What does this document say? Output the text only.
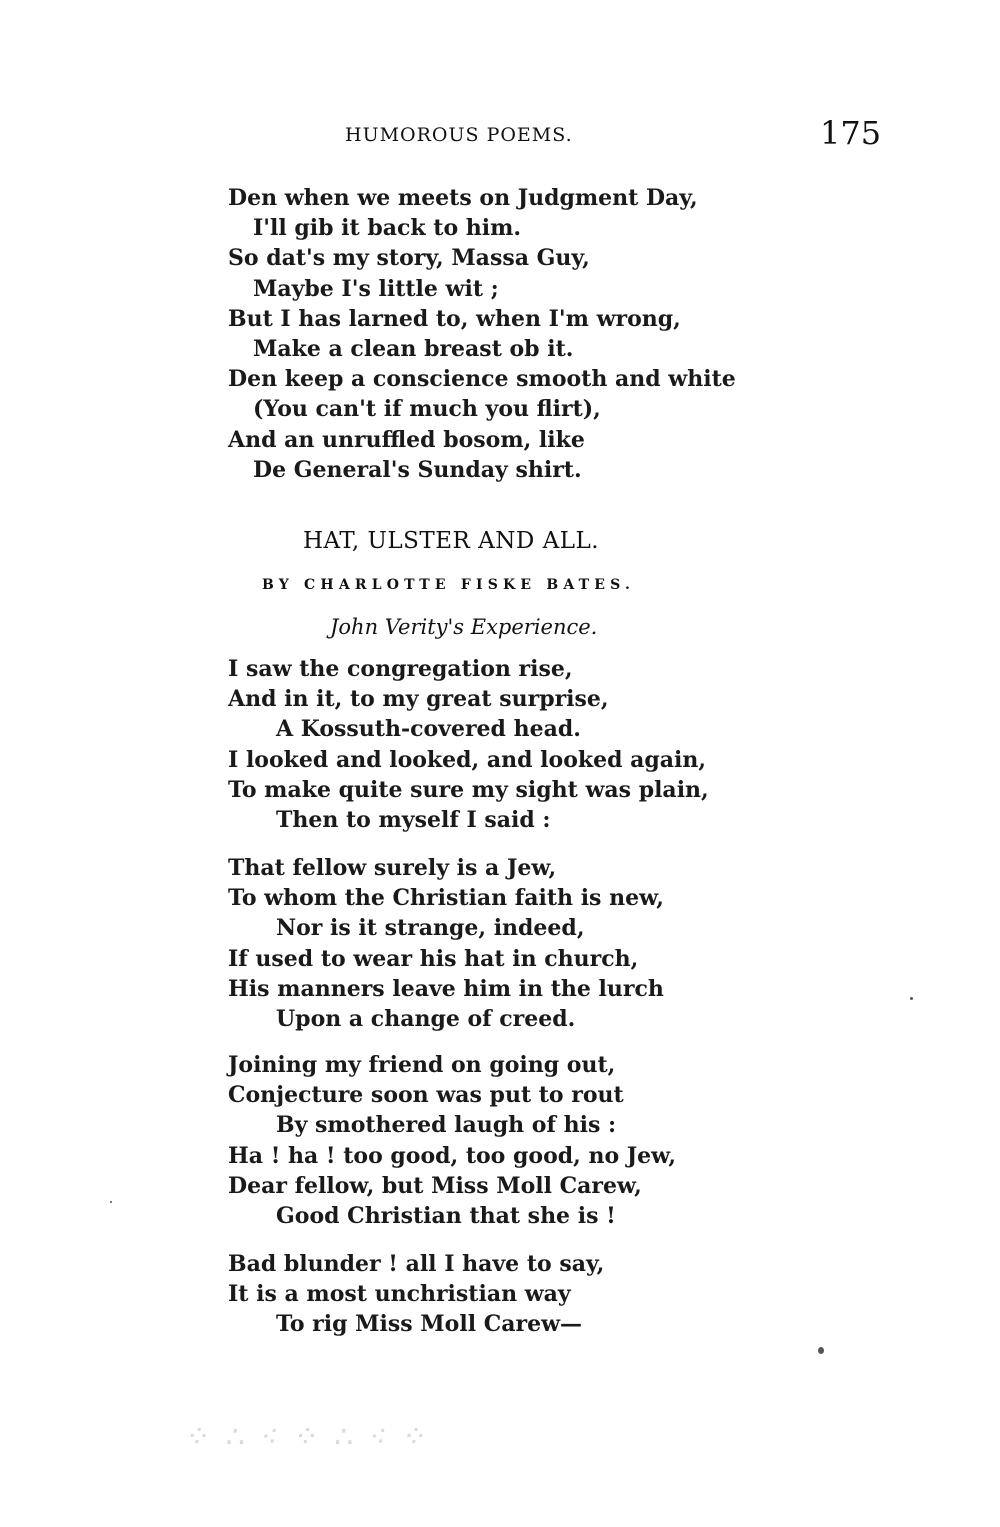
HUMOROUS POEMS.	175
Den when we meets on Judgment Day,
I'll gib it back to him.
So dat's my story, Massa Guy,
Maybe I's little wit ;
But I has larned to, when I'm wrong,
Make a clean breast ob it.
Den keep a conscience smooth and white
(You can't if much you flirt),
And an unruffled bosom, like
De General's Sunday shirt.
HAT, ULSTER AND ALL.
BY CHARLOTTE FISKE BATES.
John Verity's Experience.
I saw the congregation rise,
And in it, to my great surprise,
A Kossuth-covered head.
I looked and looked, and looked again,
To make quite sure my sight was plain,
Then to myself I said :
That fellow surely is a Jew,
To whom the Christian faith is new,
Nor is it strange, indeed,
If used to wear his hat in church,
His manners leave him in the lurch
Upon a change of creed.
Joining my friend on going out,
Conjecture soon was put to rout
By smothered laugh of his :
Ha ! ha ! too good, too good, no Jew,
Dear fellow, but Miss Moll Carew,
Good Christian that she is !
Bad blunder ! all I have to say,
It is a most unchristian way
To rig Miss Moll Carew—
⁘ ∴ ⁖ ⁘ ∴ ⁖ ⁘
